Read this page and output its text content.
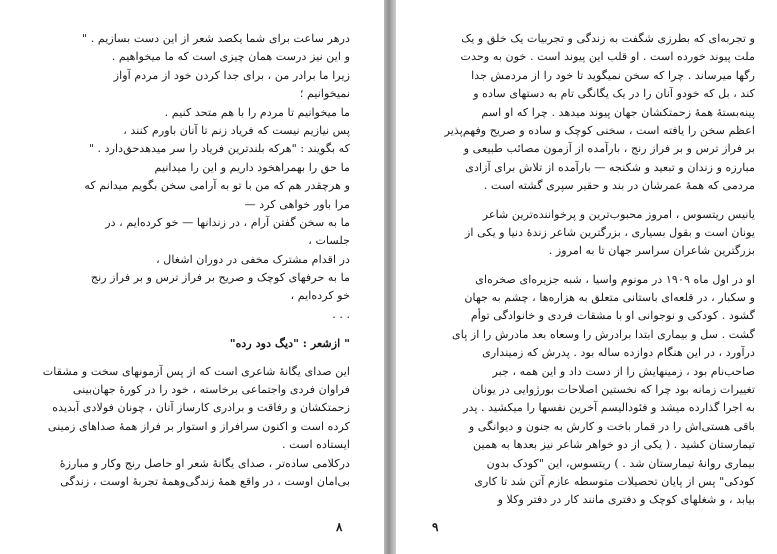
درهر ساعت برای شما یکصد شعر از این دست بسازیم . "
و این نیز درست همان چیزی است که ما میخواهیم .
زیرا ما برادر من ، برای جدا کردن خود از مردم آواز
نمیخوانیم ؛
ما میخوانیم تا مردم را با هم متحد کنیم .
پس نیازیم نیست که فریاد زنم تا آنان باورم کنند ،
که بگویند : "هرکه بلندترین فریاد را سر میدهدحق‌دارد . "
ما حق را بهمراهخود داریم و این را میدانیم
و هرچقدر هم که من با تو به آرامی سخن بگویم میدانم که
مرا باور خواهی کرد —
ما به سخن گفتن آرام ، در زندانها — خو کرده‌ایم ، در
جلسات ،
در اقدام مشترک مخفی در دوران اشغال ،
ما به حرفهای کوچک و صریح بر فراز ترس و بر فراز رنج
خو کرده‌ایم ،
. . .
" ازشعر : "دیگ دود رده"
این صدای یگانه‌ٔ شاعری است که از پس آزمونهای سخت و مشقات
فراوان فردی واجتماعی برخاسته ، خود را در کوره‌ٔ جهان‌بینی
زحمتکشان و رفاقت و برادری کارساز آنان ، چونان فولادی آبدیده
کرده است و اکنون سرافراز و استوار بر فراز همه‌ٔ صداهای زمینی
ایستاده است .
درکلامی ساده‌تر ، صدای یگانه‌ٔ شعر او حاصل رنج وکار و مبارزه‌ٔ
بی‌امان اوست ، در واقع همه‌ٔ زندگی‌وهمه‌ٔ تجربه‌ٔ اوست ، زندگی
۸
و تجربه‌ای که بطرزی شگفت به زندگی و تجربیات یک خلق و یک
ملت پیوند خورده است . او قلب این پیوند است . خون به وحدت
رگها میرساند . چرا که سخن نمیگوید تا خود را از مردمش جدا
کند ، بل که خودو آنان را در یک یگانگی تام به دستهای ساده و
پینه‌بسته‌ٔ همه‌ٔ زحمتکشان جهان پیوند میدهد . چرا که او اسم
اعظم سخن را یافته است ، سخنی کوچک و ساده و صریح وفهم‌پذیر
بر فراز ترس و بر فراز رنج ، بارآمده از آزمون مصائب طبیعی و
مبارزه و زندان و تبعید و شکنجه — بارآمده از تلاش برای آزادی
مردمی که همه‌ٔ عمرشان در بند و حقیر سپری گشته است .
یانیس ریتسوس ، امروز محبوب‌ترین و پرخواننده‌ترین شاعر
یونان است و بقول بسیاری ، بزرگترین شاعر زنده‌ٔ دنیا و یکی از
بزرگترین شاعران سراسر جهان تا به امروز .
او در اول ماه ۱۹۰۹ در مونوم واسیا ، شبه جزیره‌ای صخره‌ای
و سکبار ، در قلعه‌ای باستانی متعلق به هزاره‌ها ، چشم به جهان
گشود . کودکی و نوجوانی او با مشقات فردی و خانوادگی توأم
گشت . سل و بیماری ابتدا برادرش را وسعاه بعد مادرش را از پای
درآورد ، در این هنگام دوازده ساله بود . پدرش که زمینداری
صاحب‌نام بود ، زمینهایش را از دست داد و این همه ، جبر
تغییرات زمانه بود چرا که نخستین اصلاحات بورژوایی در یونان
به اجرا گذارده میشد و فئودالیسم آخرین نفسها را میکشید . پدر
باقی هستی‌اش را در قمار باخت و کارش به جنون و دیوانگی و
تیمارستان کشید . ( یکی از دو خواهر شاعر نیز بعدها به همین
بیماری روانه‌ٔ تیمارستان شد . ) ریتسوس، این "کودک بدون
کودکی" پس از پایان تحصیلات متوسطه عازم آتن شد تا کاری
بیابد ، و شغلهای کوچک و دفتری مانند کار در دفتر وکلا و
۹
